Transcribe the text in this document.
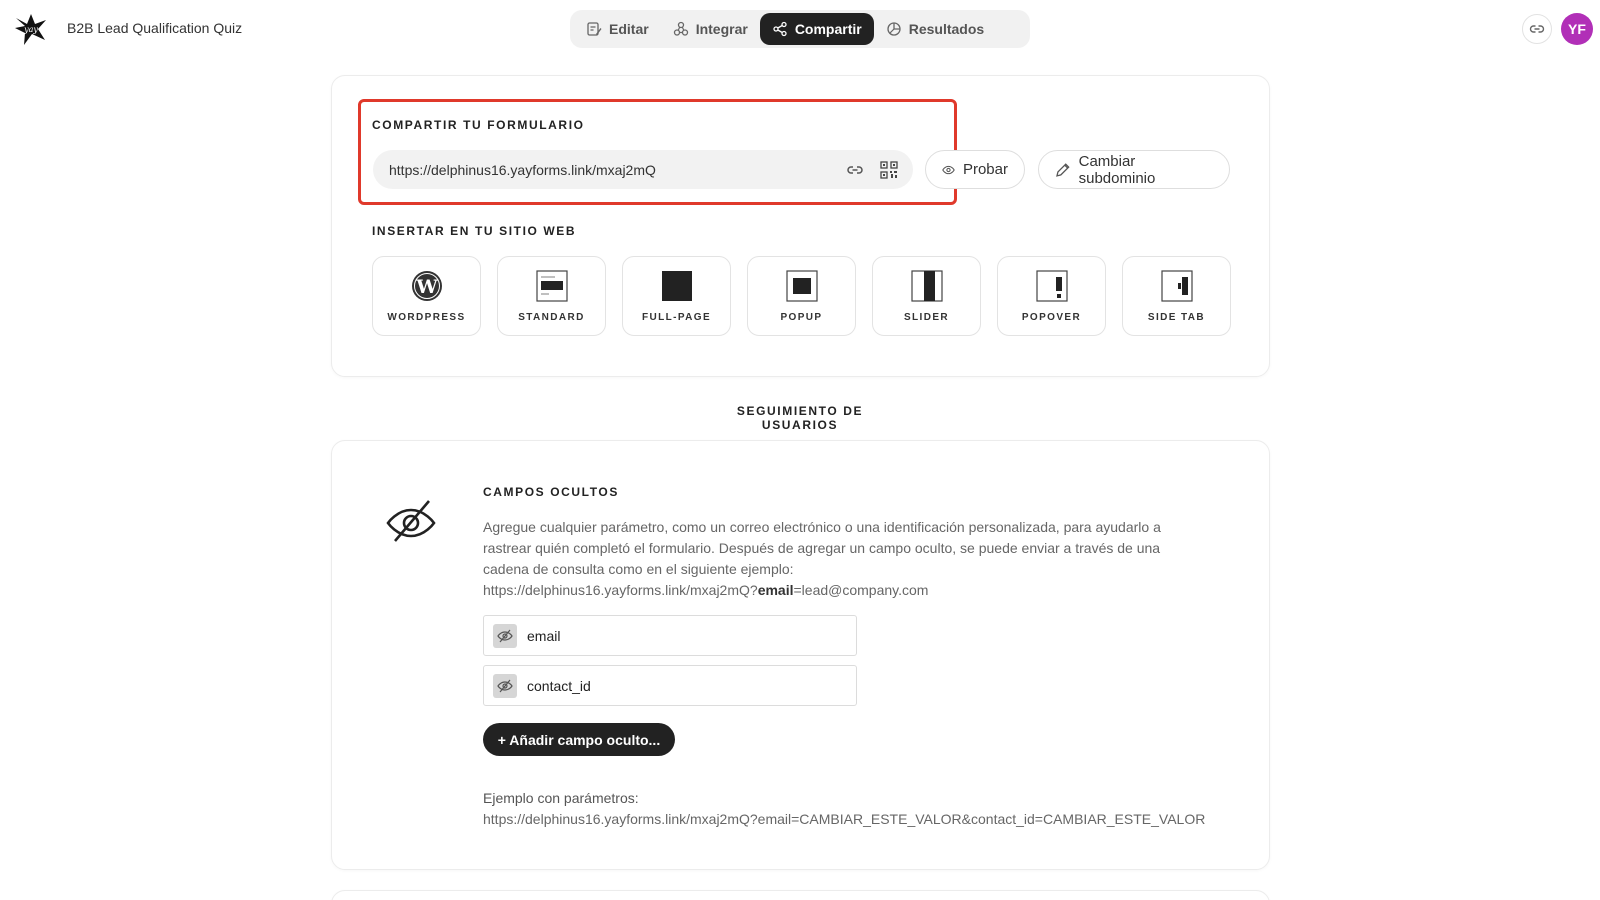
yay B2B Lead Qualification Quiz	Editar	Integrar	Compartir	Resultados	YF
COMPARTIR TU FORMULARIO
https://delphinus16.yayforms.link/mxaj2mQ	Probar	Cambiar subdominio
INSERTAR EN TU SITIO WEB
W
WORDPRESS	STANDARD	FULL-PAGE	POPUP	SLIDER	POPOVER	SIDE TAB
SEGUIMIENTO DE USUARIOS
CAMPOS OCULTOS
Agregue cualquier parámetro, como un correo electrónico o una identificación personalizada, para ayudarlo a rastrear quién completó el formulario. Después de agregar un campo oculto, se puede enviar a través de una cadena de consulta como en el siguiente ejemplo:
https://delphinus16.yayforms.link/mxaj2mQ?email=lead@company.com
email
contact_id
+ Añadir campo oculto...
Ejemplo con parámetros:
https://delphinus16.yayforms.link/mxaj2mQ?email=CAMBIAR_ESTE_VALOR&contact_id=CAMBIAR_ESTE_VALOR
